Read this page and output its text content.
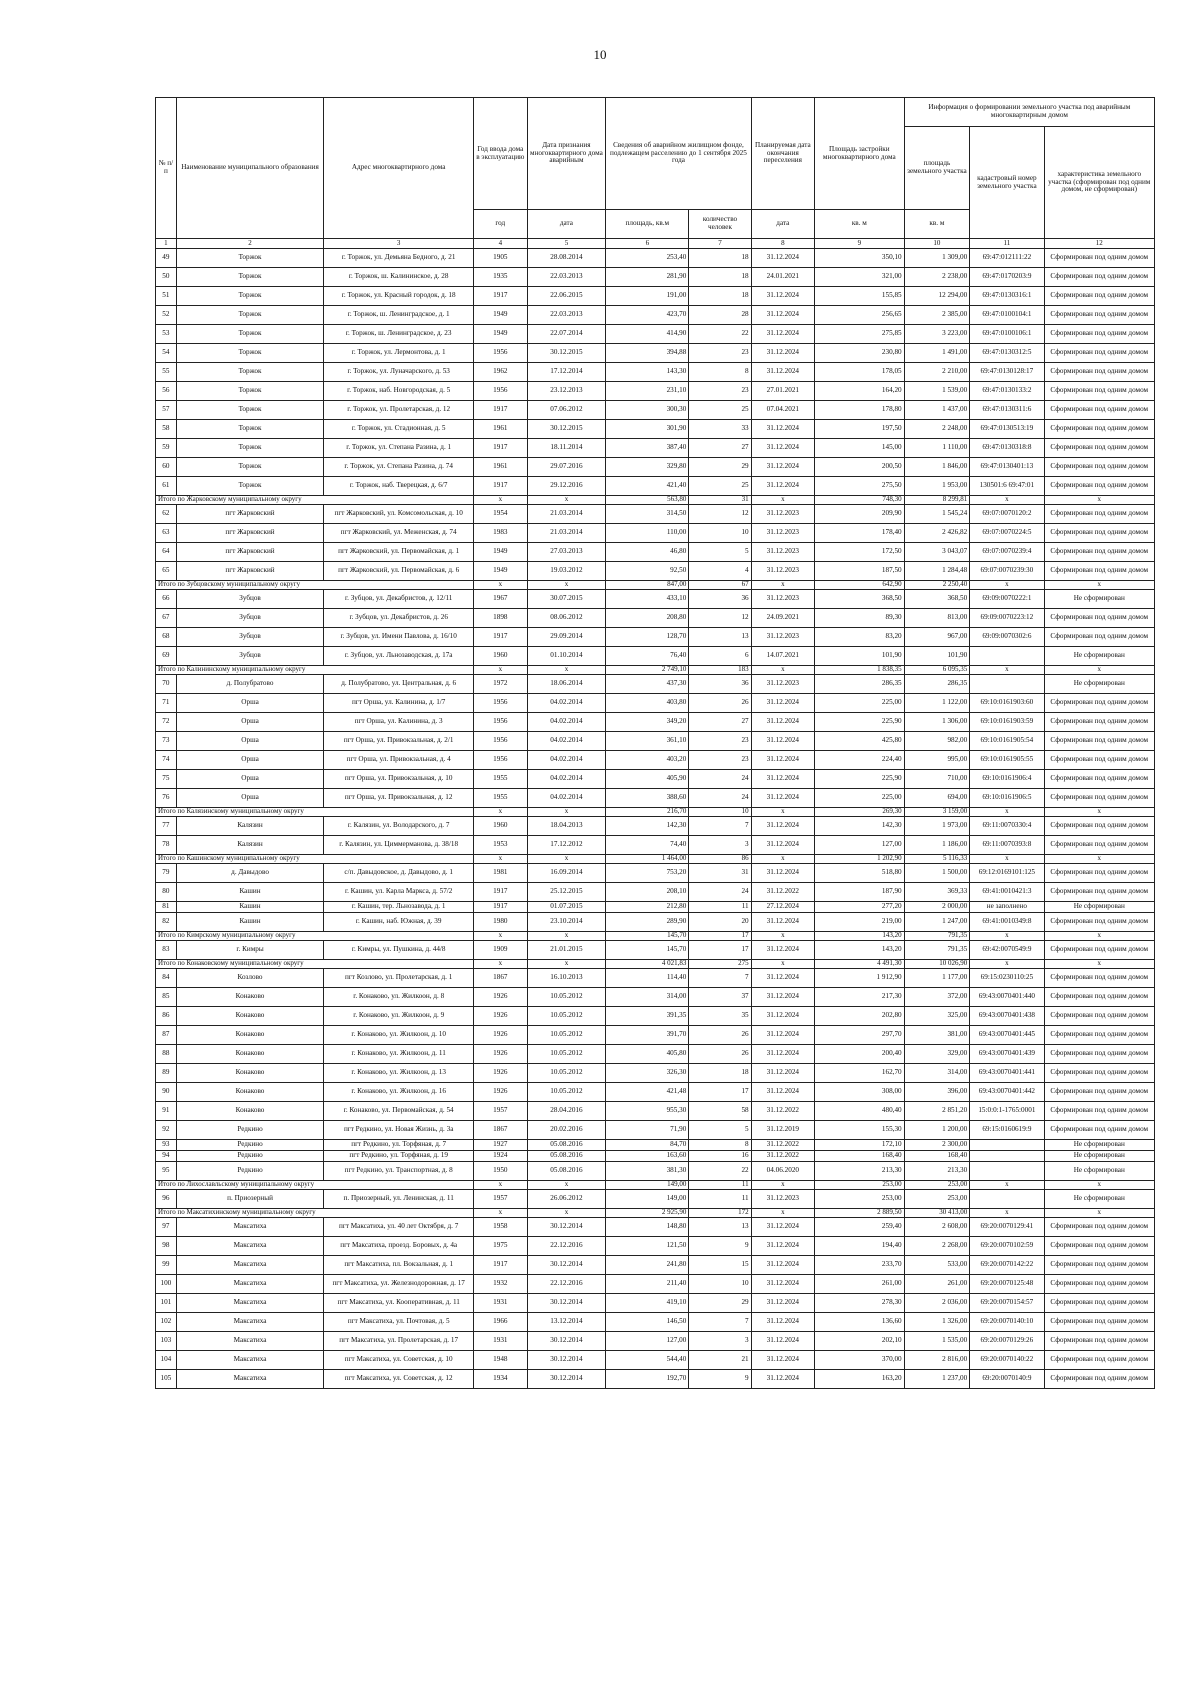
10
№ п/п	Наименование муниципального образования	Адрес многоквартирного дома	Год ввода дома в эксплуатацию	Дата признания многоквартирного дома аварийным	Сведения об аварийном жилищном фонде, подлежащем расселению до 1 сентября 2025 года		Планируемая дата окончания переселения	Площадь застройки многоквартирного дома	Информация о формировании земельного участка под аварийным многоквартирным домом		
									площадь земельного участка	кадастровый номер земельного участка	характеристика земельного участка (сформирован под одним домом, не сформирован)
			год	дата	площадь, кв.м	количество человек	дата	кв. м	кв. м		
1	2	3	4	5	6	7	8	9	10	11	12
49	Торжок	г. Торжок, ул. Демьяна Бедного, д. 21	1905	28.08.2014	253,40	18	31.12.2024	350,10	1 309,00	69:47:012111:22	Сформирован под одним домом
50	Торжок	г. Торжок, ш. Калининское, д. 28	1935	22.03.2013	281,90	18	24.01.2021	321,00	2 238,00	69:47:0170203:9	Сформирован под одним домом
51	Торжок	г. Торжок, ул. Красный городок, д. 18	1917	22.06.2015	191,00	18	31.12.2024	155,85	12 294,00	69:47:0130316:1	Сформирован под одним домом
52	Торжок	г. Торжок, ш. Ленинградское, д. 1	1949	22.03.2013	423,70	28	31.12.2024	256,65	2 385,00	69:47:0100104:1	Сформирован под одним домом
53	Торжок	г. Торжок, ш. Ленинградское, д. 23	1949	22.07.2014	414,90	22	31.12.2024	275,85	3 223,00	69:47:0100106:1	Сформирован под одним домом
54	Торжок	г. Торжок, ул. Лермонтова, д. 1	1956	30.12.2015	394,88	23	31.12.2024	230,80	1 491,00	69:47:0130312:5	Сформирован под одним домом
55	Торжок	г. Торжок, ул. Луначарского, д. 53	1962	17.12.2014	143,30	8	31.12.2024	178,05	2 210,00	69:47:0130128:17	Сформирован под одним домом
56	Торжок	г. Торжок, наб. Новгородская, д. 5	1956	23.12.2013	231,10	23	27.01.2021	164,20	1 539,00	69:47:0130133:2	Сформирован под одним домом
57	Торжок	г. Торжок, ул. Пролетарская, д. 12	1917	07.06.2012	300,30	25	07.04.2021	178,80	1 437,00	69:47:0130311:6	Сформирован под одним домом
58	Торжок	г. Торжок, ул. Стадионная, д. 5	1961	30.12.2015	301,90	33	31.12.2024	197,50	2 248,00	69:47:0130513:19	Сформирован под одним домом
59	Торжок	г. Торжок, ул. Степана Разина, д. 1	1917	18.11.2014	387,40	27	31.12.2024	145,00	1 110,00	69:47:0130318:8	Сформирован под одним домом
60	Торжок	г. Торжок, ул. Степана Разина, д. 74	1961	29.07.2016	329,80	29	31.12.2024	200,50	1 846,00	69:47:0130401:13	Сформирован под одним домом
61	Торжок	г. Торжок, наб. Тверецкая, д. 6/7	1917	29.12.2016	421,40	25	31.12.2024	275,50	1 953,00	130501:6 69:47:01	Сформирован под одним домом
Итого по Жарковскому муниципальному округу			x	x	563,80	31	x	748,30	8 299,81	x	x
62	пгт Жарковский	пгт Жарковский, ул. Комсомольская, д. 10	1954	21.03.2014	314,50	12	31.12.2023	209,90	1 545,24	69:07:0070120:2	Сформирован под одним домом
63	пгт Жарковский	пгт Жарковский, ул. Меженская, д. 74	1983	21.03.2014	110,00	10	31.12.2023	178,40	2 426,82	69:07:0070224:5	Сформирован под одним домом
64	пгт Жарковский	пгт Жарковский, ул. Первомайская, д. 1	1949	27.03.2013	46,80	5	31.12.2023	172,50	3 043,07	69:07:0070239:4	Сформирован под одним домом
65	пгт Жарковский	пгт Жарковский, ул. Первомайская, д. 6	1949	19.03.2012	92,50	4	31.12.2023	187,50	1 284,48	69:07:0070239:30	Сформирован под одним домом
Итого по Зубцовскому муниципальному округу			x	x	847,00	67	x	642,90	2 250,40	x	x
66	Зубцов	г. Зубцов, ул. Декабристов, д. 12/11	1967	30.07.2015	433,10	36	31.12.2023	368,50	368,50	69:09:0070222:1	Не сформирован
67	Зубцов	г. Зубцов, ул. Декабристов, д. 26	1898	08.06.2012	208,80	12	24.09.2021	89,30	813,00	69:09:0070223:12	Сформирован под одним домом
68	Зубцов	г. Зубцов, ул. Имени Павлова, д. 16/10	1917	29.09.2014	128,70	13	31.12.2023	83,20	967,00	69:09:0070302:6	Сформирован под одним домом
69	Зубцов	г. Зубцов, ул. Льнозаводская, д. 17а	1960	01.10.2014	76,40	6	14.07.2021	101,90	101,90		Не сформирован
Итого по Калининскому муниципальному округу			x	x	2 749,10	183	x	1 838,35	6 095,35	x	x
70	д. Полубратово	д. Полубратово, ул. Центральная, д. 6	1972	18.06.2014	437,30	36	31.12.2023	286,35	286,35		Не сформирован
71	Орша	пгт Орша, ул. Калинина, д. 1/7	1956	04.02.2014	403,80	26	31.12.2024	225,00	1 122,00	69:10:0161903:60	Сформирован под одним домом
72	Орша	пгт Орша, ул. Калинина, д. 3	1956	04.02.2014	349,20	27	31.12.2024	225,90	1 306,00	69:10:0161903:59	Сформирован под одним домом
73	Орша	пгт Орша, ул. Привокзальная, д. 2/1	1956	04.02.2014	361,10	23	31.12.2024	425,80	982,00	69:10:0161905:54	Сформирован под одним домом
74	Орша	пгт Орша, ул. Привокзальная, д. 4	1956	04.02.2014	403,20	23	31.12.2024	224,40	995,00	69:10:0161905:55	Сформирован под одним домом
75	Орша	пгт Орша, ул. Привокзальная, д. 10	1955	04.02.2014	405,90	24	31.12.2024	225,90	710,00	69:10:0161906:4	Сформирован под одним домом
76	Орша	пгт Орша, ул. Привокзальная, д. 12	1955	04.02.2014	388,60	24	31.12.2024	225,00	694,00	69:10:0161906:5	Сформирован под одним домом
Итого по Калязинскому муниципальному округу			x	x	216,70	10	x	269,30	3 159,00	x	x
77	Калязин	г. Калязин, ул. Володарского, д. 7	1960	18.04.2013	142,30	7	31.12.2024	142,30	1 973,00	69:11:0070330:4	Сформирован под одним домом
78	Калязин	г. Калязин, ул. Циммерманова, д. 38/18	1953	17.12.2012	74,40	3	31.12.2024	127,00	1 186,00	69:11:0070393:8	Сформирован под одним домом
Итого по Кашинскому муниципальному округу			x	x	1 464,00	86	x	1 202,90	5 116,33	x	x
79	д. Давыдово	с/п. Давыдовское, д. Давыдово, д. 1	1981	16.09.2014	753,20	31	31.12.2024	518,80	1 500,00	69:12:0169101:125	Сформирован под одним домом
80	Кашин	г. Кашин, ул. Карла Маркса, д. 57/2	1917	25.12.2015	208,10	24	31.12.2022	187,90	369,33	69:41:0010421:3	Сформирован под одним домом
81	Кашин	г. Кашин, тер. Льнозавода, д. 1	1917	01.07.2015	212,80	11	27.12.2024	277,20	2 000,00	не заполнено	Не сформирован
82	Кашин	г. Кашин, наб. Южная, д. 39	1980	23.10.2014	289,90	20	31.12.2024	219,00	1 247,00	69:41:0010349:8	Сформирован под одним домом
Итого по Кимрскому муниципальному округу			x	x	145,70	17	x	143,20	791,35	x	x
83	г. Кимры	г. Кимры, ул. Пушкина, д. 44/8	1909	21.01.2015	145,70	17	31.12.2024	143,20	791,35	69:42:0070549:9	Сформирован под одним домом
Итого по Конаковскому муниципальному округу			x	x	4 021,83	275	x	4 491,30	10 026,90	x	x
84	Козлово	пгт Козлово, ул. Пролетарская, д. 1	1867	16.10.2013	114,40	7	31.12.2024	1 912,90	1 177,00	69:15:0230110:25	Сформирован под одним домом
85	Конаково	г. Конаково, ул. Жилкоон, д. 8	1926	10.05.2012	314,00	37	31.12.2024	217,30	372,00	69:43:0070401:440	Сформирован под одним домом
86	Конаково	г. Конаково, ул. Жилкоон, д. 9	1926	10.05.2012	391,35	35	31.12.2024	202,80	325,00	69:43:0070401:438	Сформирован под одним домом
87	Конаково	г. Конаково, ул. Жилкоон, д. 10	1926	10.05.2012	391,70	26	31.12.2024	297,70	381,00	69:43:0070401:445	Сформирован под одним домом
88	Конаково	г. Конаково, ул. Жилкоон, д. 11	1926	10.05.2012	405,80	26	31.12.2024	200,40	329,00	69:43:0070401:439	Сформирован под одним домом
89	Конаково	г. Конаково, ул. Жилкоон, д. 13	1926	10.05.2012	326,30	18	31.12.2024	162,70	314,00	69:43:0070401:441	Сформирован под одним домом
90	Конаково	г. Конаково, ул. Жилкоон, д. 16	1926	10.05.2012	421,48	17	31.12.2024	308,00	396,00	69:43:0070401:442	Сформирован под одним домом
91	Конаково	г. Конаково, ул. Первомайская, д. 54	1957	28.04.2016	955,30	58	31.12.2022	480,40	2 851,20	15:0:0:1-1765:0001	Сформирован под одним домом
92	Редкино	пгт Редкино, ул. Новая Жизнь, д. 3а	1867	20.02.2016	71,90	5	31.12.2019	155,30	1 200,00	69:15:0160619:9	Сформирован под одним домом
93	Редкино	пгт Редкино, ул. Торфяная, д. 7	1927	05.08.2016	84,70	8	31.12.2022	172,10	2 300,00		Не сформирован
94	Редкино	пгт Редкино, ул. Торфяная, д. 19	1924	05.08.2016	163,60	16	31.12.2022	168,40	168,40		Не сформирован
95	Редкино	пгт Редкино, ул. Транспортная, д. 8	1950	05.08.2016	381,30	22	04.06.2020	213,30	213,30		Не сформирован
Итого по Лихославльскому муниципальному округу			x	x	149,00	11	x	253,00	253,00	x	x
96	п. Приозерный	п. Приозерный, ул. Ленинская, д. 11	1957	26.06.2012	149,00	11	31.12.2023	253,00	253,00		Не сформирован
Итого по Максатихинскому муниципальному округу			x	x	2 925,90	172	x	2 889,50	30 413,00	x	x
97	Максатиха	пгт Максатиха, ул. 40 лет Октября, д. 7	1958	30.12.2014	148,80	13	31.12.2024	259,40	2 608,00	69:20:0070129:41	Сформирован под одним домом
98	Максатиха	пгт Максатиха, проезд. Боровых, д. 4а	1975	22.12.2016	121,50	9	31.12.2024	194,40	2 268,00	69:20:0070102:59	Сформирован под одним домом
99	Максатиха	пгт Максатиха, пл. Вокзальная, д. 1	1917	30.12.2014	241,80	15	31.12.2024	233,70	533,00	69:20:0070142:22	Сформирован под одним домом
100	Максатиха	пгт Максатиха, ул. Железнодорожная, д. 17	1932	22.12.2016	211,40	10	31.12.2024	261,00	261,00	69:20:0070125:48	Сформирован под одним домом
101	Максатиха	пгт Максатиха, ул. Кооперативная, д. 11	1931	30.12.2014	419,10	29	31.12.2024	278,30	2 036,00	69:20:0070154:57	Сформирован под одним домом
102	Максатиха	пгт Максатиха, ул. Почтовая, д. 5	1966	13.12.2014	146,50	7	31.12.2024	136,60	1 326,00	69:20:0070140:10	Сформирован под одним домом
103	Максатиха	пгт Максатиха, ул. Пролетарская, д. 17	1931	30.12.2014	127,00	3	31.12.2024	202,10	1 535,00	69:20:0070129:26	Сформирован под одним домом
104	Максатиха	пгт Максатиха, ул. Советская, д. 10	1948	30.12.2014	544,40	21	31.12.2024	370,00	2 816,00	69:20:0070140:22	Сформирован под одним домом
105	Максатиха	пгт Максатиха, ул. Советская, д. 12	1934	30.12.2014	192,70	9	31.12.2024	163,20	1 237,00	69:20:0070140:9	Сформирован под одним домом
